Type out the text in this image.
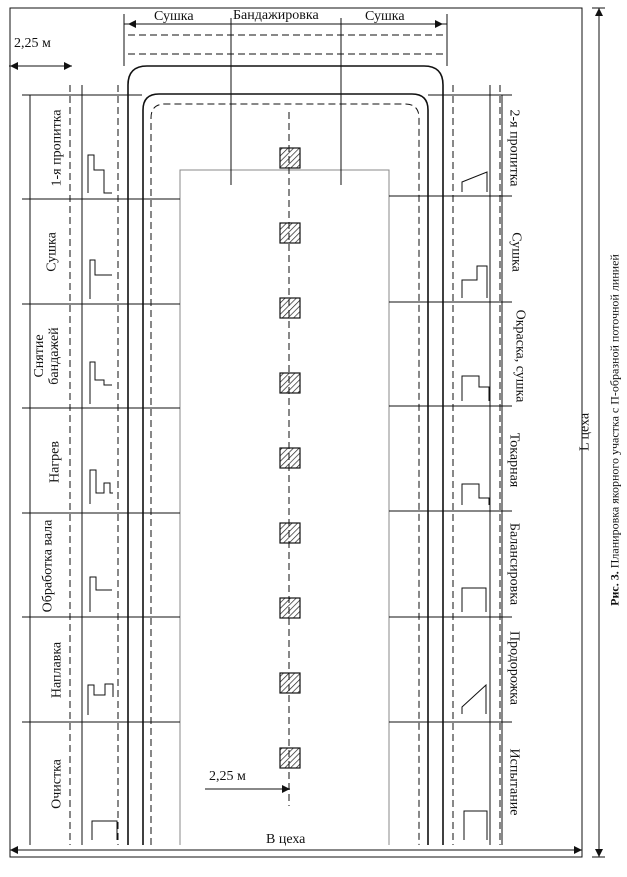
Сушка	Бандажировка	Сушка
2,25 м
2,25 м
В цеха
L цеха
1-я пропитка
Сушка
Снятие бандажей
Нагрев
Обработка вала
Наплавка
Очистка
2-я пропитка
Сушка
Окраска, сушка
Токарная
Балансировка
Продорожка
Испытание
Рис. 3. Планировка якорного участка с П-образной поточной линией
